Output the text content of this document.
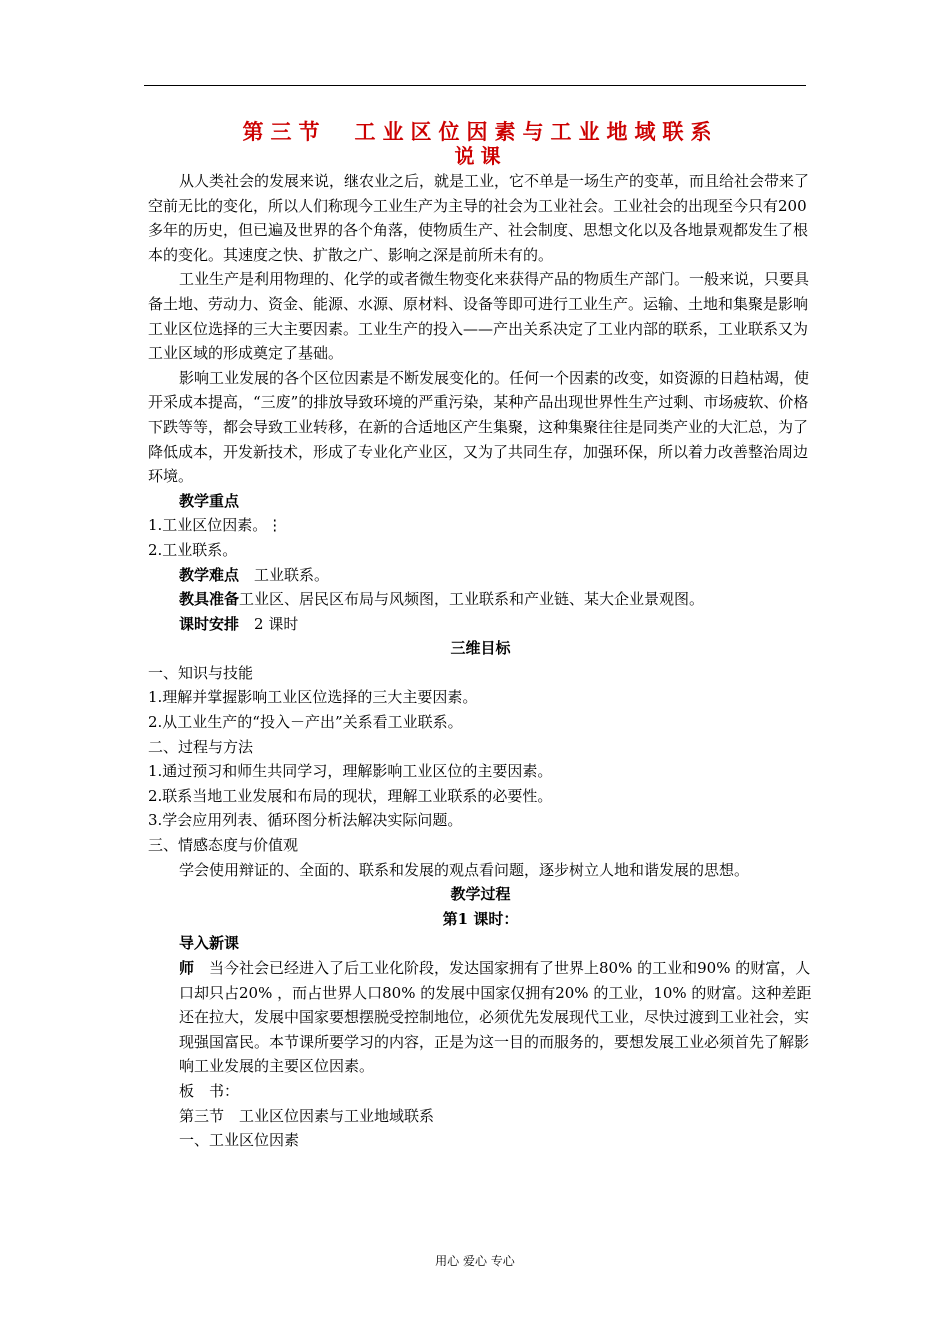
第三节　工业区位因素与工业地域联系
说课

从人类社会的发展来说，继农业之后，就是工业，它不单是一场生产的变革，而且给社会带来了空前无比的变化，所以人们称现今工业生产为主导的社会为工业社会。工业社会的出现至今只有200 多年的历史，但已遍及世界的各个角落，使物质生产、社会制度、思想文化以及各地景观都发生了根本的变化。其速度之快、扩散之广、影响之深是前所未有的。

工业生产是利用物理的、化学的或者微生物变化来获得产品的物质生产部门。一般来说，只要具备土地、劳动力、资金、能源、水源、原材料、设备等即可进行工业生产。运输、土地和集聚是影响工业区位选择的三大主要因素。工业生产的投入——产出关系决定了工业内部的联系，工业联系又为工业区域的形成奠定了基础。

影响工业发展的各个区位因素是不断发展变化的。任何一个因素的改变，如资源的日趋枯竭，使开采成本提高，“三废”的排放导致环境的严重污染，某种产品出现世界性生产过剩、市场疲软、价格下跌等等，都会导致工业转移，在新的合适地区产生集聚，这种集聚往往是同类产业的大汇总，为了降低成本，开发新技术，形成了专业化产业区，又为了共同生存，加强环保，所以着力改善整治周边环境。

教学重点

1.工业区位因素。⋮

2.工业联系。

教学难点　工业联系。

教具准备工业区、居民区布局与风频图，工业联系和产业链、某大企业景观图。

课时安排　2 课时

三维目标

一、知识与技能

1.理解并掌握影响工业区位选择的三大主要因素。

2.从工业生产的“投入－产出”关系看工业联系。

二、过程与方法

1.通过预习和师生共同学习，理解影响工业区位的主要因素。

2.联系当地工业发展和布局的现状，理解工业联系的必要性。

3.学会应用列表、循环图分析法解决实际问题。

三、情感态度与价值观

学会使用辩证的、全面的、联系和发展的观点看问题，逐步树立人地和谐发展的思想。

教学过程

第1 课时：

导入新课

师　当今社会已经进入了后工业化阶段，发达国家拥有了世界上80% 的工业和90% 的财富，人口却只占20% ，而占世界人口80% 的发展中国家仅拥有20% 的工业，10% 的财富。这种差距还在拉大，发展中国家要想摆脱受控制地位，必须优先发展现代工业，尽快过渡到工业社会，实现强国富民。本节课所要学习的内容，正是为这一目的而服务的，要想发展工业必须首先了解影响工业发展的主要区位因素。

板　书：

第三节　工业区位因素与工业地域联系

一、工业区位因素

用心 爱心 专心
